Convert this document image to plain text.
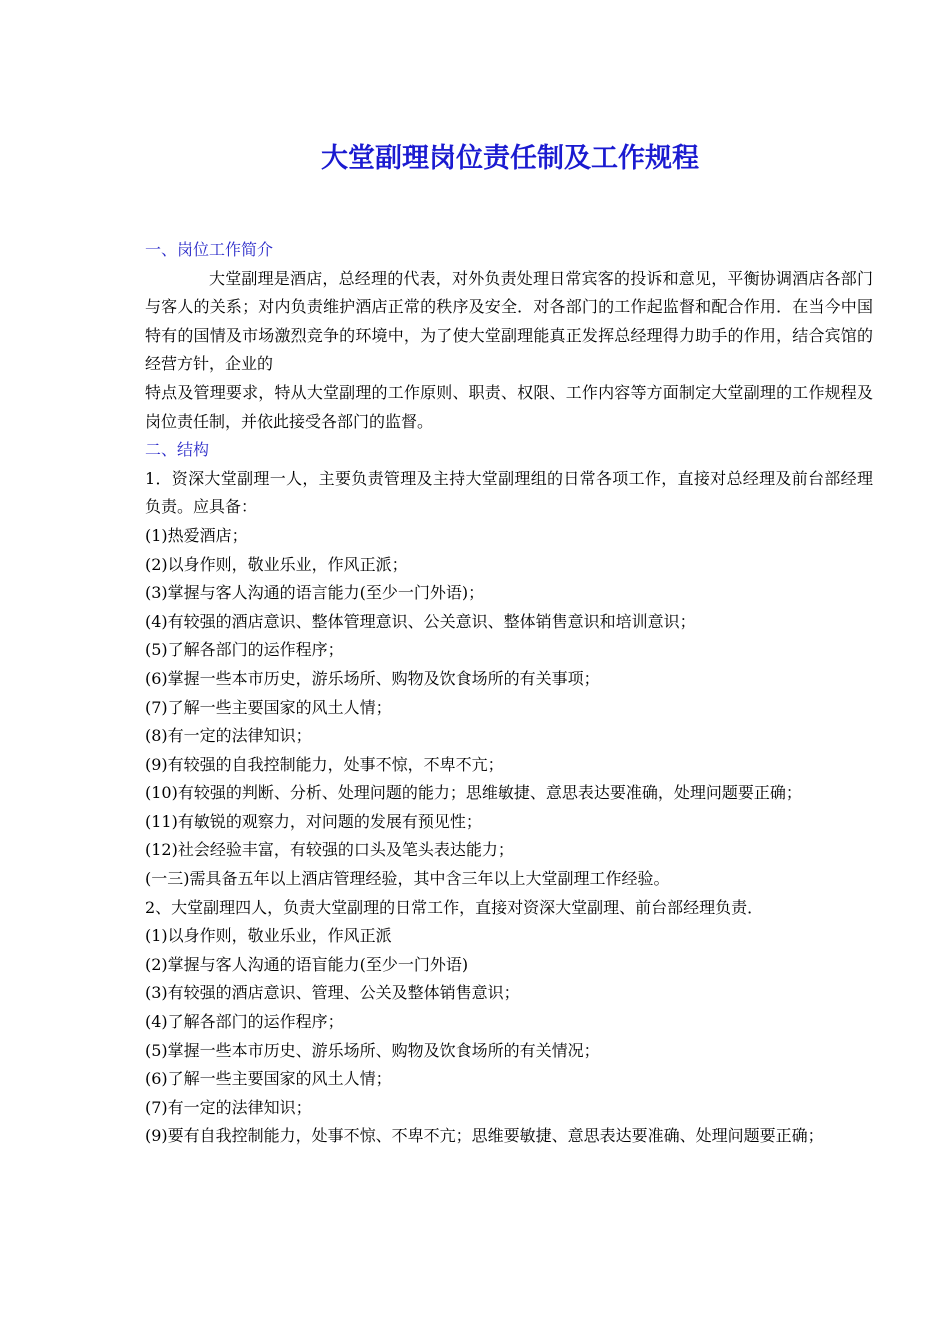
大堂副理岗位责任制及工作规程

一、岗位工作简介

大堂副理是酒店，总经理的代表，对外负责处理日常宾客的投诉和意见，平衡协调酒店各部门与客人的关系；对内负责维护酒店正常的秩序及安全．对各部门的工作起监督和配合作用．在当今中国特有的国情及市场激烈竞争的环境中，为了使大堂副理能真正发挥总经理得力助手的作用，结合宾馆的经营方针，企业的

特点及管理要求，特从大堂副理的工作原则、职责、权限、工作内容等方面制定大堂副理的工作规程及岗位责任制，并依此接受各部门的监督。

二、结构

1．资深大堂副理一人，主要负责管理及主持大堂副理组的日常各项工作，直接对总经理及前台部经理负责。应具备：

(1)热爱酒店；

(2)以身作则，敬业乐业，作风正派；

(3)掌握与客人沟通的语言能力(至少一门外语)；

(4)有较强的酒店意识、整体管理意识、公关意识、整体销售意识和培训意识；

(5)了解各部门的运作程序；

(6)掌握一些本市历史，游乐场所、购物及饮食场所的有关事项；

(7)了解一些主要国家的风土人情；

(8)有一定的法律知识；

(9)有较强的自我控制能力，处事不惊，不卑不亢；

(10)有较强的判断、分析、处理问题的能力；思维敏捷、意思表达要准确，处理问题要正确；

(11)有敏锐的观察力，对问题的发展有预见性；

(12)社会经验丰富，有较强的口头及笔头表达能力；

(一三)需具备五年以上酒店管理经验，其中含三年以上大堂副理工作经验。

2、大堂副理四人，负责大堂副理的日常工作，直接对资深大堂副理、前台部经理负责．

(1)以身作则，敬业乐业，作风正派

(2)掌握与客人沟通的语盲能力(至少一门外语)

(3)有较强的酒店意识、管理、公关及整体销售意识；

(4)了解各部门的运作程序；

(5)掌握一些本市历史、游乐场所、购物及饮食场所的有关情况；

(6)了解一些主要国家的风土人情；

(7)有一定的法律知识；

(9)要有自我控制能力，处事不惊、不卑不亢；思维要敏捷、意思表达要准确、处理问题要正确；
